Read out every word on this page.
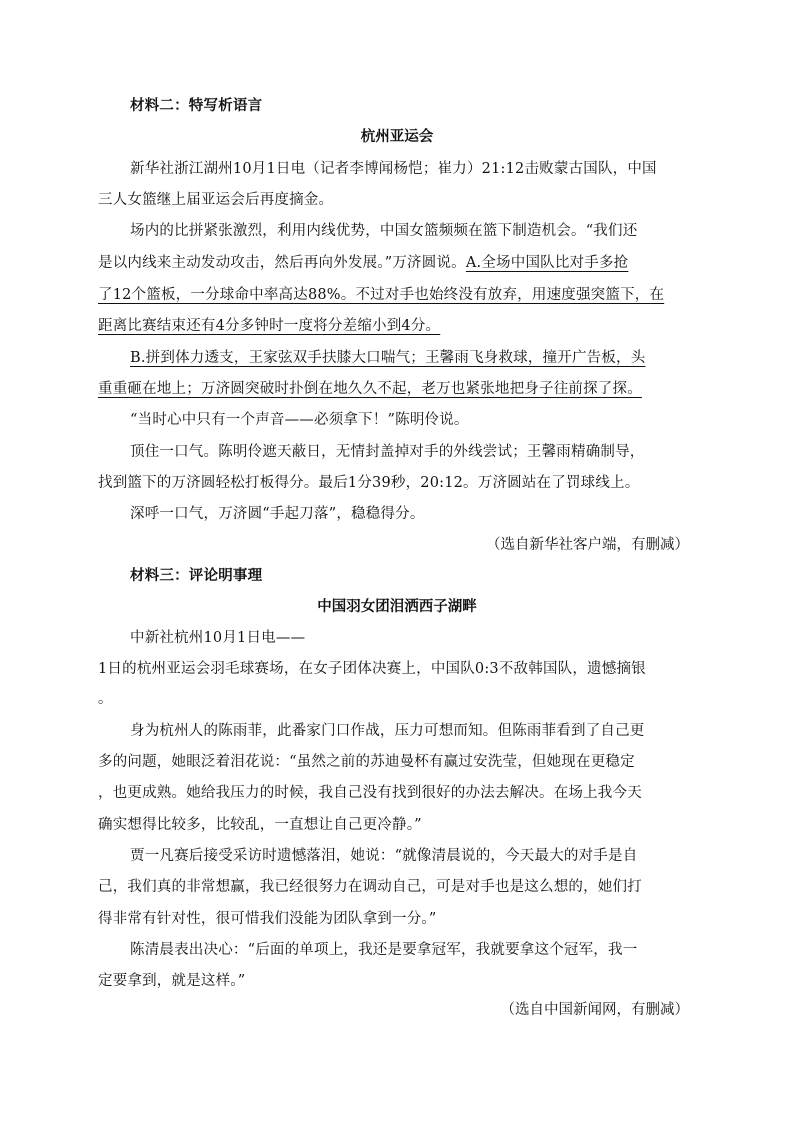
材料二：特写析语言
杭州亚运会
新华社浙江湖州10月1日电（记者李博闻杨恺；崔力）21:12击败蒙古国队，中国
三人女篮继上届亚运会后再度摘金。
场内的比拼紧张激烈，利用内线优势，中国女篮频频在篮下制造机会。“我们还
是以内线来主动发动攻击，然后再向外发展。”万济圆说。A.全场中国队比对手多抢
了12个篮板，一分球命中率高达88%。不过对手也始终没有放弃，用速度强突篮下，在
距离比赛结束还有4分多钟时一度将分差缩小到4分。
B.拼到体力透支，王家弦双手扶膝大口喘气；王馨雨飞身救球，撞开广告板，头
重重砸在地上；万济圆突破时扑倒在地久久不起，老万也紧张地把身子往前探了探。
“当时心中只有一个声音——必须拿下！”陈明伶说。
顶住一口气。陈明伶遮天蔽日，无情封盖掉对手的外线尝试；王馨雨精确制导，
找到篮下的万济圆轻松打板得分。最后1分39秒，20:12。万济圆站在了罚球线上。
深呼一口气，万济圆“手起刀落”，稳稳得分。
（选自新华社客户端，有删减）
材料三：评论明事理
中国羽女团泪洒西子湖畔
中新社杭州10月1日电——
1日的杭州亚运会羽毛球赛场，在女子团体决赛上，中国队0:3不敌韩国队，遗憾摘银
。
身为杭州人的陈雨菲，此番家门口作战，压力可想而知。但陈雨菲看到了自己更
多的问题，她眼泛着泪花说：“虽然之前的苏迪曼杯有赢过安洗莹，但她现在更稳定
，也更成熟。她给我压力的时候，我自己没有找到很好的办法去解决。在场上我今天
确实想得比较多，比较乱，一直想让自己更冷静。”
贾一凡赛后接受采访时遗憾落泪，她说：“就像清晨说的，今天最大的对手是自
己，我们真的非常想赢，我已经很努力在调动自己，可是对手也是这么想的，她们打
得非常有针对性，很可惜我们没能为团队拿到一分。”
陈清晨表出决心：“后面的单项上，我还是要拿冠军，我就要拿这个冠军，我一
定要拿到，就是这样。”
（选自中国新闻网，有删减）
